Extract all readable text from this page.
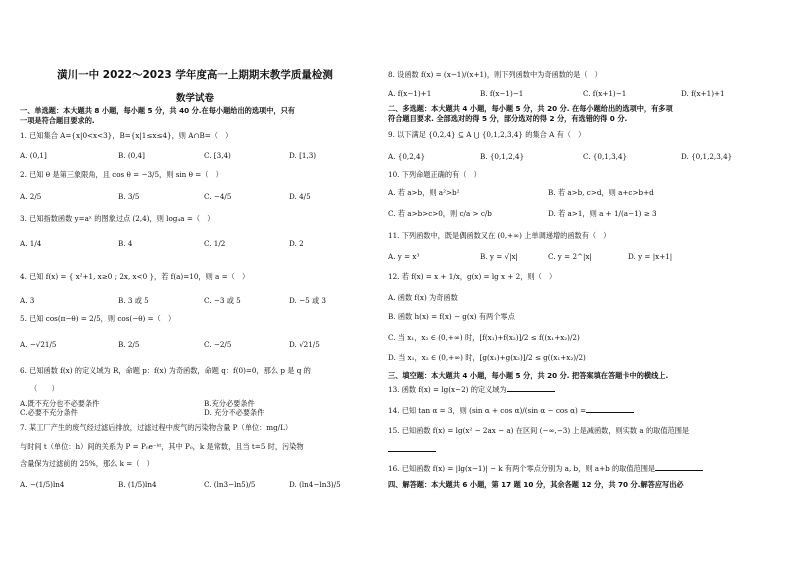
潢川一中 2022～2023 学年度高一上期期末教学质量检测
数学试卷
一、单选题：本大题共 8 小题，每小题 5 分，共 40 分.在每小题给出的选项中，只有
一项是符合题目要求的.
1. 已知集合 A={x|0<x<3}，B={x|1≤x≤4}，则 A∩B=（　）
A. (0,1]	B. (0,4]	C. [3,4)	D. [1,3)
2. 已知 θ 是第三象限角，且 cos θ = −3/5，则 sin θ =（　）
A. 2/5	B. 3/5	C. −4/5	D. 4/5
3. 已知指数函数 y=aˣ 的图象过点 (2,4)，则 log₄a =（　）
A. 1/4	B. 4	C. 1/2	D. 2
4. 已知 f(x) = { x²+1, x≥0 ; 2x, x<0 }，若 f(a)=10，则 a =（　）
A. 3	B. 3 或 5	C. −3 或 5	D. −5 或 3
5. 已知 cos(π−θ) = 2/5，则 cos(−θ) =（　）
A. −√21/5	B. 2/5	C. −2/5	D. √21/5
6. 已知函数 f(x) 的定义域为 R，命题 p：f(x) 为奇函数，命题 q：f(0)=0，那么 p 是 q 的
（　　）
A.既不充分也不必要条件	B.充分必要条件
C.必要不充分条件	D. 充分不必要条件
7. 某工厂产生的废气经过滤后排放，过滤过程中废气的污染物含量 P（单位：mg/L）
与时间 t（单位：h）间的关系为 P = P₀e⁻ᵏᵗ，其中 P₀，k 是常数，且当 t=5 时，污染物
含量保为过滤前的 25%，那么 k =（　）
A. −(1/5)ln4	B. (1/5)ln4	C. (ln3−ln5)/5	D. (ln4−ln3)/5
8. 设函数 f(x) = (x−1)/(x+1)，则下列函数中为奇函数的是（　）
A. f(x−1)+1	B. f(x−1)−1	C. f(x+1)−1	D. f(x+1)+1
二、多选题：本大题共 4 小题，每小题 5 分，共 20 分. 在每小题给出的选项中，有多项
符合题目要求. 全部选对的得 5 分，部分选对的得 2 分，有选错的得 0 分.
9. 以下满足 {0,2,4} ⊆ A ⋃ {0,1,2,3,4} 的集合 A 有（　）
A. {0,2,4}	B. {0,1,2,4}	C. {0,1,3,4}	D. {0,1,2,3,4}
10. 下列命题正确的有（　）
A. 若 a>b，则 a²>b²	B. 若 a>b, c>d，则 a+c>b+d
C. 若 a>b>c>0，则 c/a > c/b	D. 若 a>1，则 a + 1/(a−1) ≥ 3
11. 下列函数中，既是偶函数又在 (0,+∞) 上单调递增的函数有（　）
A. y = x³	B. y = √|x|	C. y = 2^|x|	D. y = |x+1|
12. 若 f(x) = x + 1/x，g(x) = lg x + 2，则（　）
A. 函数 f(x) 为奇函数
B. 函数 h(x) = f(x) − g(x) 有两个零点
C. 当 x₁，x₂ ∈ (0,+∞) 时，[f(x₁)+f(x₂)]/2 ≤ f((x₁+x₂)/2)
D. 当 x₁，x₂ ∈ (0,+∞) 时，[g(x₁)+g(x₂)]/2 ≤ g((x₁+x₂)/2)
三、填空题：本大题共 4 小题，每小题 5 分，共 20 分. 把答案填在答题卡中的横线上.
13. 函数 f(x) = lg(x−2) 的定义域为
14. 已知 tan α = 3，则 (sin α + cos α)/(sin α − cos α) =
15. 已知函数 f(x) = lg(x² − 2ax − a) 在区间 (−∞,−3) 上是减函数，则实数 a 的取值范围是
16. 已知函数 f(x) = |lg(x−1)| − k 有两个零点分别为 a, b，则 a+b 的取值范围是
四、解答题：本大题共 6 小题，第 17 题 10 分，其余各题 12 分，共 70 分.解答应写出必
